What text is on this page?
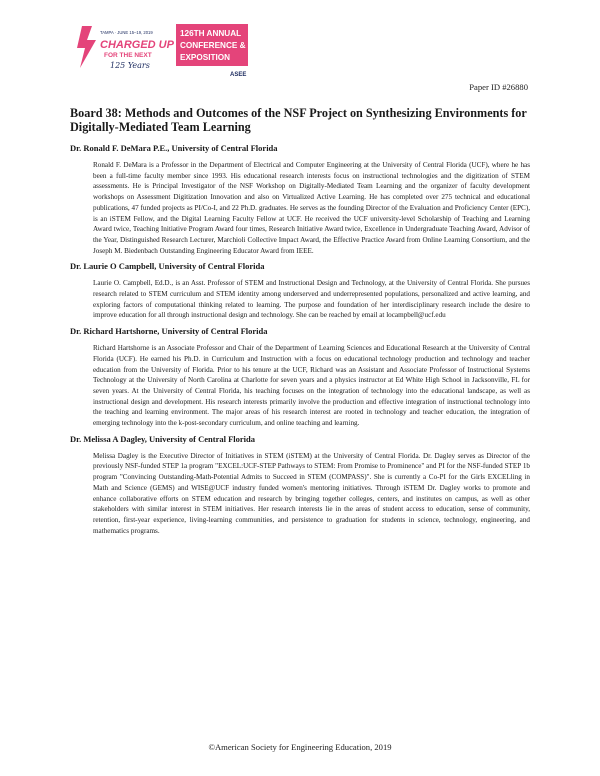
TAMPA · JUNE 15–19, 2019
CHARGED UP
FOR THE NEXT
125 Years
126TH ANNUAL
CONFERENCE &
EXPOSITION
ASEE
Paper ID #26880
Board 38: Methods and Outcomes of the NSF Project on Synthesizing Environments for Digitally-Mediated Team Learning

Dr. Ronald F. DeMara P.E., University of Central Florida

Ronald F. DeMara is a Professor in the Department of Electrical and Computer Engineering at the University of Central Florida (UCF), where he has been a full-time faculty member since 1993. His educational research interests focus on instructional technologies and the digitization of STEM assessments. He is Principal Investigator of the NSF Workshop on Digitally-Mediated Team Learning and the organizer of faculty development workshops on Assessment Digitization Innovation and also on Virtualized Active Learning. He has completed over 275 technical and educational publications, 47 funded projects as PI/Co-I, and 22 Ph.D. graduates. He serves as the founding Director of the Evaluation and Proficiency Center (EPC), is an iSTEM Fellow, and the Digital Learning Faculty Fellow at UCF. He received the UCF university-level Scholarship of Teaching and Learning Award twice, Teaching Initiative Program Award four times, Research Initiative Award twice, Excellence in Undergraduate Teaching Award, Advisor of the Year, Distinguished Research Lecturer, Marchioli Collective Impact Award, the Effective Practice Award from Online Learning Consortium, and the Joseph M. Biedenbach Outstanding Engineering Educator Award from IEEE.

Dr. Laurie O Campbell, University of Central Florida

Laurie O. Campbell, Ed.D., is an Asst. Professor of STEM and Instructional Design and Technology, at the University of Central Florida. She pursues research related to STEM curriculum and STEM identity among underserved and underrepresented populations, personalized and active learning, and exploring factors of computational thinking related to learning. The purpose and foundation of her interdisciplinary research include the desire to improve education for all through instructional design and technology. She can be reached by email at locampbell@ucf.edu

Dr. Richard Hartshorne, University of Central Florida

Richard Hartshorne is an Associate Professor and Chair of the Department of Learning Sciences and Educational Research at the University of Central Florida (UCF). He earned his Ph.D. in Curriculum and Instruction with a focus on educational technology production and technology and teacher education from the University of Florida. Prior to his tenure at the UCF, Richard was an Assistant and Associate Professor of Instructional Systems Technology at the University of North Carolina at Charlotte for seven years and a physics instructor at Ed White High School in Jacksonville, FL for seven years. At the University of Central Florida, his teaching focuses on the integration of technology into the educational landscape, as well as instructional design and development. His research interests primarily involve the production and effective integration of instructional technology into the teaching and learning environment. The major areas of his research interest are rooted in technology and teacher education, the integration of emerging technology into the k-post-secondary curriculum, and online teaching and learning.

Dr. Melissa A Dagley, University of Central Florida

Melissa Dagley is the Executive Director of Initiatives in STEM (iSTEM) at the University of Central Florida. Dr. Dagley serves as Director of the previously NSF-funded STEP 1a program "EXCEL:UCF-STEP Pathways to STEM: From Promise to Prominence" and PI for the NSF-funded STEP 1b program "Convincing Outstanding-Math-Potential Admits to Succeed in STEM (COMPASS)". She is currently a Co-PI for the Girls EXCELling in Math and Science (GEMS) and WISE@UCF industry funded women's mentoring initiatives. Through iSTEM Dr. Dagley works to promote and enhance collaborative efforts on STEM education and research by bringing together colleges, centers, and institutes on campus, as well as other stakeholders with similar interest in STEM initiatives. Her research interests lie in the areas of student access to education, sense of community, retention, first-year experience, living-learning communities, and persistence to graduation for students in science, technology, engineering, and mathematics programs.

©American Society for Engineering Education, 2019
